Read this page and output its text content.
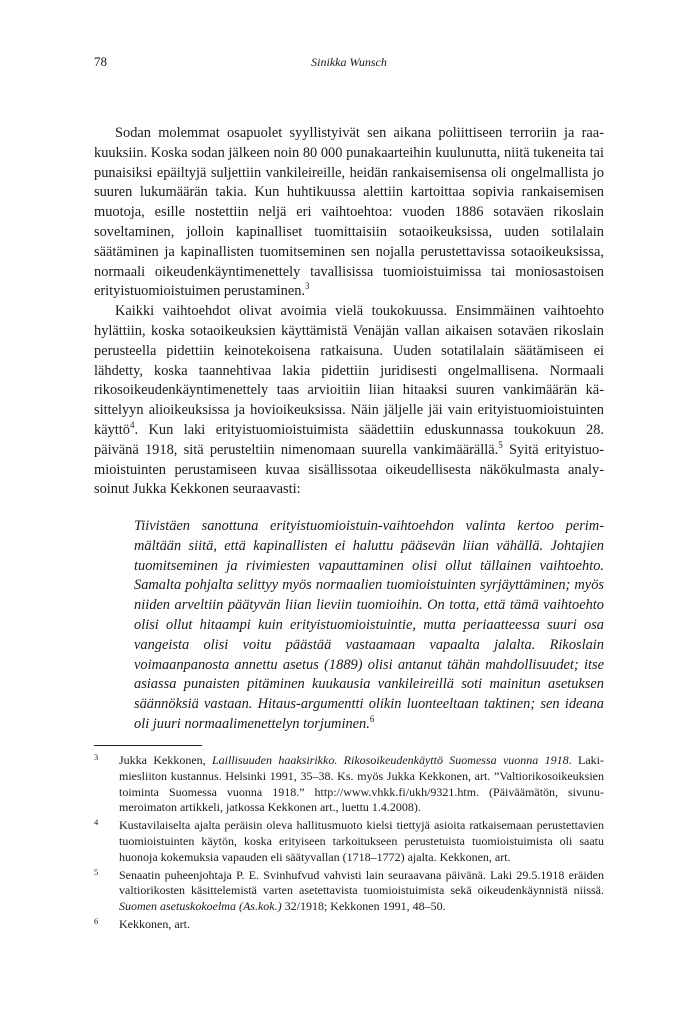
78	Sinikka Wunsch

Sodan molemmat osapuolet syyllistyivät sen aikana poliittiseen terroriin ja raakuuksiin. Koska sodan jälkeen noin 80 000 punakaarteihin kuulunutta, niitä tukeneita tai punaisiksi epäiltyjä suljettiin vankileireille, heidän rankaisemisensa oli ongelmallista jo suuren lukumäärän takia. Kun huhtikuussa alettiin kartoittaa sopivia rankaisemisen muotoja, esille nostettiin neljä eri vaihtoehtoa: vuoden 1886 sotaväen rikoslain soveltaminen, jolloin kapinalliset tuomittaisiin sotaoikeuksissa, uuden sotilalain säätäminen ja kapinallisten tuomitseminen sen nojalla perustettavissa sotaoikeuksissa, normaali oikeudenkäyntimenettely tavallisissa tuomioistuimissa tai moniosastoisen erityistuomioistuimen perustaminen.$^3$

Kaikki vaihtoehdot olivat avoimia vielä toukokuussa. Ensimmäinen vaihtoehto hylättiin, koska sotaoikeuksien käyttämistä Venäjän vallan aikaisen sotaväen rikoslain perusteella pidettiin keinotekoisena ratkaisuna. Uuden sotatilalain säätämiseen ei lähdetty, koska taannehtivaa lakia pidettiin juridisesti ongelmallisena. Normaali rikosoikeudenkäyntimenettely taas arvioitiin liian hitaaksi suuren vankimäärän käsittelyyn alioikeuksissa ja hovioikeuksissa. Näin jäljelle jäi vain erityistuomioistuinten käyttö$^4$. Kun laki erityistuomioistuimista säädettiin eduskunnassa toukokuun 28. päivänä 1918, sitä perusteltiin nimenomaan suurella vankimäärällä.$^5$ Syitä erityistuomioistuinten perustamiseen kuvaa sisällissotaa oikeudellisesta näkökulmasta analysoinut Jukka Kekkonen seuraavasti:

Tiivistäen sanottuna erityistuomioistuin-vaihtoehdon valinta kertoo perimmältään siitä, että kapinallisten ei haluttu pääsevän liian vähällä. Johtajien tuomitseminen ja rivimiesten vapauttaminen olisi ollut tällainen vaihtoehto. Samalta pohjalta selittyy myös normaalien tuomioistuinten syrjäyttäminen; myös niiden arveltiin päätyvän liian lieviin tuomioihin. On totta, että tämä vaihtoehto olisi ollut hitaampi kuin erityistuomioistuintie, mutta periaatteessa suuri osa vangeista olisi voitu päästää vastaamaan vapaalta jalalta. Rikoslain voimaanpanosta annettu asetus (1889) olisi antanut tähän mahdollisuudet; itse asiassa punaisten pitäminen kuukausia vankileireillä soti mainitun asetuksen säännöksiä vastaan. Hitaus-argumentti olikin luonteeltaan taktinen; sen ideana oli juuri normaalimenettelyn torjuminen.$^6$
3 Jukka Kekkonen, Laillisuuden haaksirikko. Rikosoikeudenkäyttö Suomessa vuonna 1918. Lakimiesliiton kustannus. Helsinki 1991, 35–38. Ks. myös Jukka Kekkonen, art. ”Valtiorikosoikeuksien toiminta Suomessa vuonna 1918.” http://www.vhkk.fi/ukh/9321.htm. (Päiväämätön, sivunumeroimaton artikkeli, jatkossa Kekkonen art., luettu 1.4.2008).
4 Kustavilaiselta ajalta peräisin oleva hallitusmuoto kielsi tiettyjä asioita ratkaisemaan perustettavien tuomioistuinten käytön, koska erityiseen tarkoitukseen perustetuista tuomioistuimista oli saatu huonoja kokemuksia vapauden eli säätyvallan (1718–1772) ajalta. Kekkonen, art.
5 Senaatin puheenjohtaja P. E. Svinhufvud vahvisti lain seuraavana päivänä. Laki 29.5.1918 eräiden valtiorikosten käsittelemistä varten asetettavista tuomioistuimista sekä oikeudenkäynnistä niissä. Suomen asetuskokoelma (As.kok.) 32/1918; Kekkonen 1991, 48–50.
6 Kekkonen, art.
